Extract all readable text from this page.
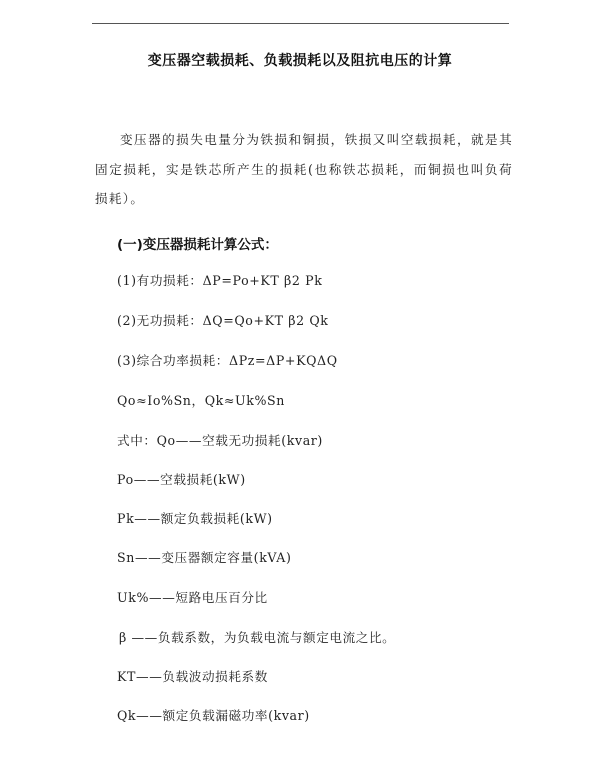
变压器空载损耗、负载损耗以及阻抗电压的计算
变压器的损失电量分为铁损和铜损，铁损又叫空载损耗，就是其固定损耗，实是铁芯所产生的损耗(也称铁芯损耗，而铜损也叫负荷损耗）。
(一)变压器损耗计算公式：
(1)有功损耗：ΔP=Po+KT β2 Pk
(2)无功损耗：ΔQ=Qo+KT β2 Qk
(3)综合功率损耗：ΔPz=ΔP+KQΔQ
Qo≈Io%Sn，Qk≈Uk%Sn
式中：Qo——空载无功损耗(kvar)
Po——空载损耗(kW)
Pk——额定负载损耗(kW)
Sn——变压器额定容量(kVA)
Uk%——短路电压百分比
β ——负载系数，为负载电流与额定电流之比。
KT——负载波动损耗系数
Qk——额定负载漏磁功率(kvar)
